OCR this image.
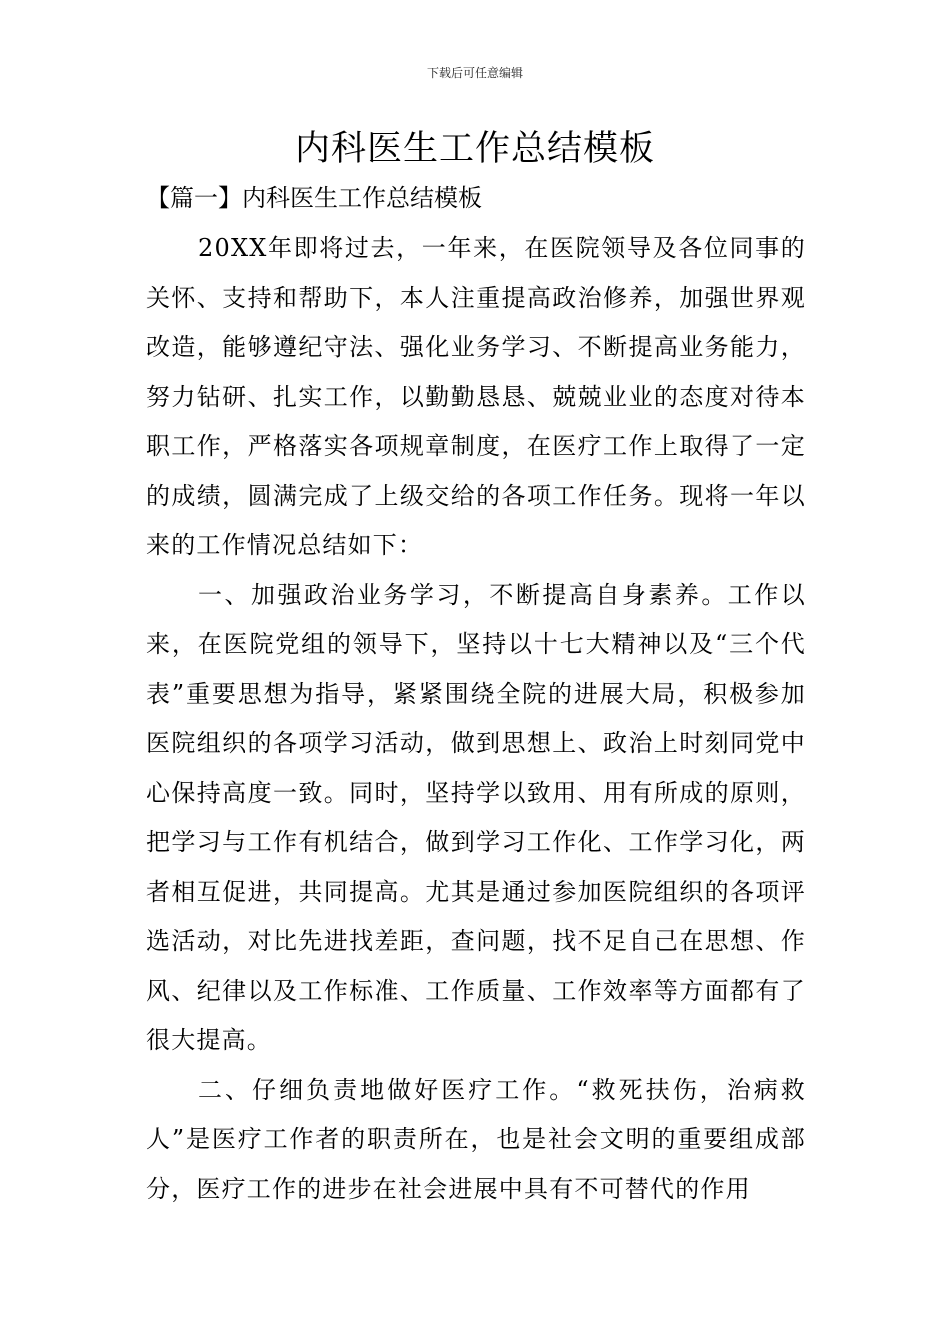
下载后可任意编辑
内科医生工作总结模板
【篇一】内科医生工作总结模板

20XX年即将过去，一年来，在医院领导及各位同事的关怀、支持和帮助下，本人注重提高政治修养，加强世界观改造，能够遵纪守法、强化业务学习、不断提高业务能力，努力钻研、扎实工作，以勤勤恳恳、兢兢业业的态度对待本职工作，严格落实各项规章制度，在医疗工作上取得了一定的成绩，圆满完成了上级交给的各项工作任务。现将一年以来的工作情况总结如下：

一、加强政治业务学习，不断提高自身素养。工作以来，在医院党组的领导下，坚持以十七大精神以及“三个代表”重要思想为指导，紧紧围绕全院的进展大局，积极参加医院组织的各项学习活动，做到思想上、政治上时刻同党中心保持高度一致。同时，坚持学以致用、用有所成的原则，把学习与工作有机结合，做到学习工作化、工作学习化，两者相互促进，共同提高。尤其是通过参加医院组织的各项评选活动，对比先进找差距，查问题，找不足自己在思想、作风、纪律以及工作标准、工作质量、工作效率等方面都有了很大提高。

二、仔细负责地做好医疗工作。“救死扶伤，治病救人”是医疗工作者的职责所在，也是社会文明的重要组成部分，医疗工作的进步在社会进展中具有不可替代的作用
